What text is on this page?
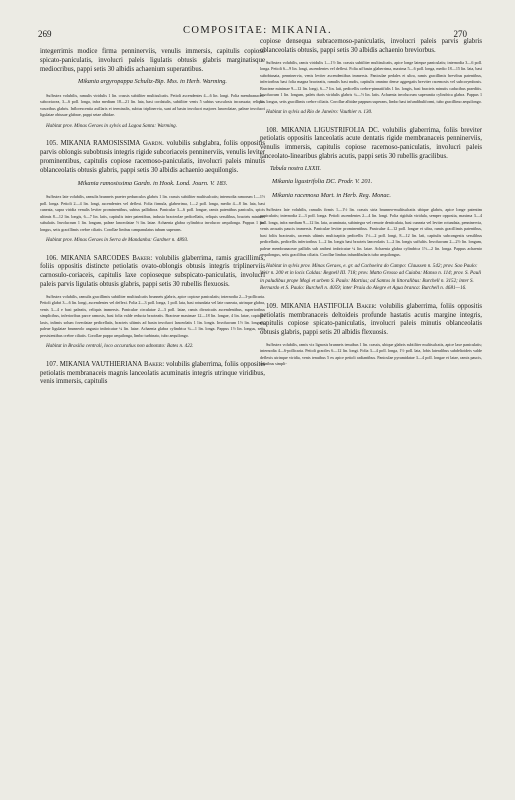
269	COMPOSITAE: MIKANIA.	270

integerrimis modice firma penninerviis, venulis immersis, capitulis copiose spicato-paniculatis, involucri paleis ligulatis obtusis glabris marginatisque mediocribus, pappi setis 30 albidis achaenium superantibus.

Mikania argyropappa Schultz-Bip. Mss. in Herb. Warming.

Suffrutex volubilis, ramulis viridulis 1 lin. crassis subtiliter multisulcatis. Petioli ascendentes 4—6 lin. longi. Folia membranaceo-subcoriacea, 3—6 poll. longa, infra medium 18—21 lin. lata, basi cordatulis, subtiliter venis 5 subtus vasculosis incrassata; reliquis vasoribus glabris. Inflorescentia axillaris et terminalis, subtus triplinervia, sunt ad basin involucri majores lanceolatae, paleae involucri ligulatae obtusae glabrae, pappi setae albidae.

Habitat prov. Minas Geraes in sylvis ad Lagoa Santa: Warming.

105. MIKANIA RAMOSISSIMA Gardn. volubilis subglabra, foliis oppositis parvis oblongis subobtusis integris rigide subcoriaceis penninerviis, venulis leviter prominentibus, capitulis copiose racemoso-paniculatis, involucri paleis minutis oblanceolatis obtusis glabris, pappi setis 30 albidis achaenio aequilongis.

Mikania ramosissima Gardn. in Hook. Lond. Journ. V. 183.

Suffrutex late volubilis, ramulis brunneis praeter pedunculos glabris 1 lin. crassis subtiliter multisulcatis; internodia ramorum 1—1½ poll. longa. Petioli 2—4 lin. longi, ascendentes vel deflexi. Folia firmula, glaberrima, 1—2 poll. longa, medio 4—8 lin. lata, basi cuneata, supra viridia venulis leviter prominentibus, subtus pallidiora. Panicular 3—6 poll. longae, ramis patentibus paniculis, spicis ultimis 8—12 lin. longis, 6—7 lin. latis, capitulis inter patentibus, indusio bracteolae pedicellatis, reliquis sessilibus, bracteis minimis subulatis. Involucrum 1 lin. longum, paleae lanceolatae ½ lin. latae. Achaenia glabra cylindrica involucro aequilonga. Pappus 1 lin. longus, setis gracillimis crebre ciliatis. Corollae limbus campanulatus tubum superans.

Habitat prov. Minas Geraes in Serra de Mandanha: Gardner n. 4893.

106. MIKANIA SARCODES Baker: volubilis glaberrima, ramis gracillimis, foliis oppositis distincte petiolatis ovato-oblongis obtusis integris triplinerviis carnosulo-coriaceis, capitulis laxe copioseque subspicato-paniculatis, involucri paleis parvis ligulatis obtusis glabris, pappi setis 30 rubellis flexuosis.

Suffrutex volubilis, ramulis gracillimis subtiliter multisulcatis brunneis glabris, apice copiose paniculatis; internodia 2—3-pollicaria. Petioli glabri 3—6 lin. longi, ascendentes vel deflexi. Folia 2—3 poll. longa, 1 poll. lata, basi rotundata vel late cuneata, utrinque glabra, venis 3—4 e basi paleatis, reliquis immersis. Paniculae circulatae 2—3 poll. latae, ramis divaricatis ascendentibus, superioribus simplicibus, inferioribus parce ramosis, basi folia valde reducta bracteatis. Bracteae maximae 12—18 lin. longae, 4 lin. latae, capitulis laxis, infimis solum foveolatae pedicellatis, bracteis ultimis ad basin involucri lanceolatis 1 lin. longis. Involucrum 1½ lin. longum, paleae ligulatae brunneolo angusto imbricatae ¼ lin. latae. Achaenia glabra cylindrica ¾—1 lin. longa. Pappus 1½ lin. longus, setis persistentibus crebre ciliatis. Corollae pappo aequilonga, limbo turbinato, tubo aequilongo.

Habitat in Brasilia centrali, loco accuratius non adnotato: Bates n. 422.

107. MIKANIA VAUTHIERIANA Baker: volubilis glaberrima, foliis oppositis petiolatis membranaceis magnis lanceolatis acuminatis integris utrinque viridibus, venis immersis, capitulis

copiose densequa subracemoso-paniculatis, involucri paleis parvis glabris oblanceolatis obtusis, pappi setis 30 albidis achaenio breviorbus.

Suffrutex volubilis, ramis viridulis 1—1½ lin. crassis subtiliter multisulcatis, apice longe lateque paniculatis; internodia 3—6 poll. longa. Petioli 6—9 lin. longi, ascendentes vel deflexi. Folia ad basin glaberrima, maxima 5—6 poll. longa, medio 18—15 lin. lata, basi subobtusata, penninervia, venis leviter ascendentibus immersis. Paniculae pedales et ultra, ramis gracillimis brevibus patentibus, inferioribus basi folia magna bracteatis, ramulis basi nudis, capitulis omnino dense aggregatis breviter racemosis vel subcorymbosis. Bracteae minimae 9—12 lin. longi, 6—7 lin. lati, pedicellis crebre-pinnatifidis 1 lin. longis, basi bracteis minutis caducibus praeditis. Involucrum 1 lin. longum, paleis duris viridulis glabris ¼—½ lin. latis. Achaenia involucrum superantia cylindrica glabra. Pappus 1 lin. longus, setis gracillimis crebre ciliatis. Corollae albidae pappum superans, limbo basi infundibuliformi, tubo gracillimo aequilongo.

Habitat in sylvis ad Rio de Janeiro: Vauthier n. 130.

108. MIKANIA LIGUSTRIFOLIA DC. volubilis glaberrima, foliis breviter petiolatis oppositis lanceolatis acute dentatis rigide membranaceis penninerviis, venulis immersis, capitulis copiose racemoso-paniculatis, involucri paleis lanceolato-linearibus glabris acutis, pappi setis 30 rubellis gracilibus.

Tabula nostra LXXII.

Mikania ligustrifolia DC. Prodr. V. 201.

Mikania racemosa Mart. in Herb. Reg. Monac.

Suffrutex late volubilis, ramulis firmis 1—1½ lin. crassis stria brunneo-multisulcatis ubique glabris, apice longe patentim paniculatis; internodia 2—3 poll. longa. Petioli ascendentes 2—4 lin. longi. Folia rigidula viridula, semper opposita, maxima 3—4 poll. longa, infra medium 9—12 lin. lata, acuminata, subintegra vel remote denticulata, basi cuneata vel leviter rotundata, penninervia, venis arcuatis paucis immersis. Paniculae leviter prominentibus. Paniculae 4—12 poll. longae et ultra, ramis gracillimis patentibus, basi foliis bracteatis, racemis ultimis multicapitis pedicellis 1½—2 poll. longi, 8—12 lin. lati, capitulis subcongestis sessilibus pedicellatis, pedicellis inferioribus 1—2 lin. longis basi bracteis lanceolatis 1—2 lin. longis suffultis. Involucrum 2—2½ lin. longum, paleae membranaceae pallidis sub anthesi imbricatae ¼ lin. latae. Achaenia glabra cylindrica 1½—2 lin. longa. Pappus achaenio aequilongus, setis gracilibus ciliatis. Corollae limbus infundibularis tubo aequilongus.

Habitat in sylvis prov. Minas Geraes, e. gr. ad Cachoeira do Campo: Claussen n. 542; prov. Sao Paulo: Weir n. 200 et in locis Caldas: Regnell III. 718; prov. Matto Grosso ad Cuiaba: Manso n. 114; prov. S. Pauli in paludibus prope Mogi et urbem S. Paulo: Martius; ad Santos in littoralibus: Burchell n. 3152; inter S. Bernardo et S. Paulo: Burchell n. 4059; inter Praia do Alegre et Agua branca: Burchell n. 4681—16.

109. MIKANIA HASTIFOLIA Baker: volubilis glaberrima, foliis oppositis petiolatis membranaceis deltoideis profunde hastatis acutis margine integris, capitulis copiose spicato-paniculatis, involucri paleis minutis oblanceolatis obtusis glabris, pappi setis 20 albidis flexuosis.

Suffrutex volubilis, ramis vix lignosis brunneis tenuibus 1 lin. crassis, ubique glabris subtiliter multisulcatis, apice laxe paniculatis; internodia 4—6-pollicaria. Petioli graciles 6—12 lin. longi. Folia 3—4 poll. longa, 1½ poll. lata, lobis lateralibus subdeltoideis valde deflexis utrinque viridia, venis tenuibus 5 ex apice petioli radiantibus. Paniculae pyramidatae 3—4 poll. longae et latae, ramis paucis, omnibus simpli-
